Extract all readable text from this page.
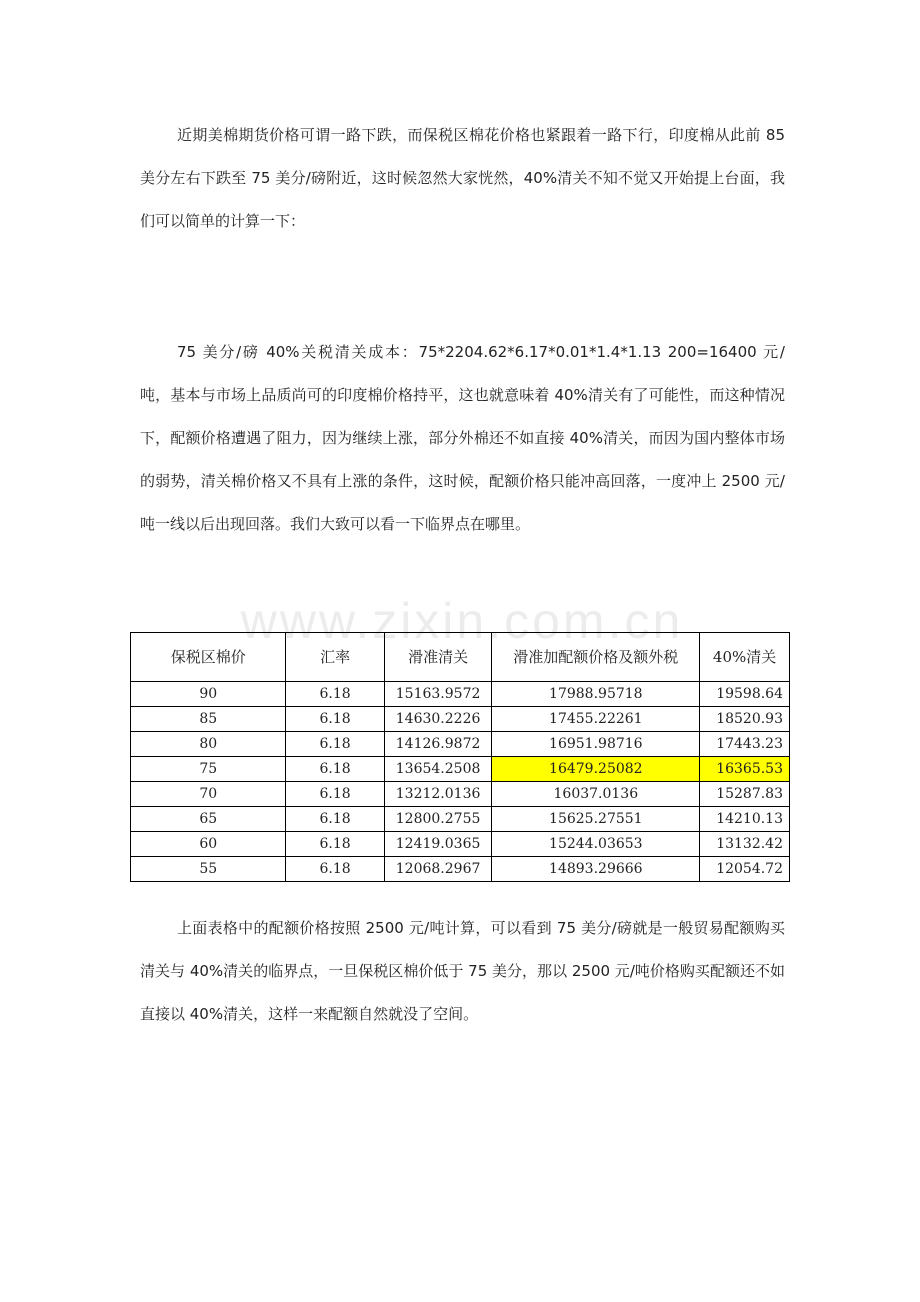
近期美棉期货价格可谓一路下跌，而保税区棉花价格也紧跟着一路下行，印度棉从此前 85 美分左右下跌至 75 美分/磅附近，这时候忽然大家恍然，40%清关不知不觉又开始提上台面，我们可以简单的计算一下：

75 美分/磅 40%关税清关成本：75*2204.62*6.17*0.01*1.4*1.13 200=16400 元/吨，基本与市场上品质尚可的印度棉价格持平，这也就意味着 40%清关有了可能性，而这种情况下，配额价格遭遇了阻力，因为继续上涨，部分外棉还不如直接 40%清关，而因为国内整体市场的弱势，清关棉价格又不具有上涨的条件，这时候，配额价格只能冲高回落，一度冲上 2500 元/吨一线以后出现回落。我们大致可以看一下临界点在哪里。

www.zixin.com.cn
保税区棉价	汇率	滑准清关	滑准加配额价格及额外税	40%清关
90	6.18	15163.9572	17988.95718	19598.64
85	6.18	14630.2226	17455.22261	18520.93
80	6.18	14126.9872	16951.98716	17443.23
75	6.18	13654.2508	16479.25082	16365.53
70	6.18	13212.0136	16037.0136	15287.83
65	6.18	12800.2755	15625.27551	14210.13
60	6.18	12419.0365	15244.03653	13132.42
55	6.18	12068.2967	14893.29666	12054.72

上面表格中的配额价格按照 2500 元/吨计算，可以看到 75 美分/磅就是一般贸易配额购买清关与 40%清关的临界点，一旦保税区棉价低于 75 美分，那以 2500 元/吨价格购买配额还不如直接以 40%清关，这样一来配额自然就没了空间。
